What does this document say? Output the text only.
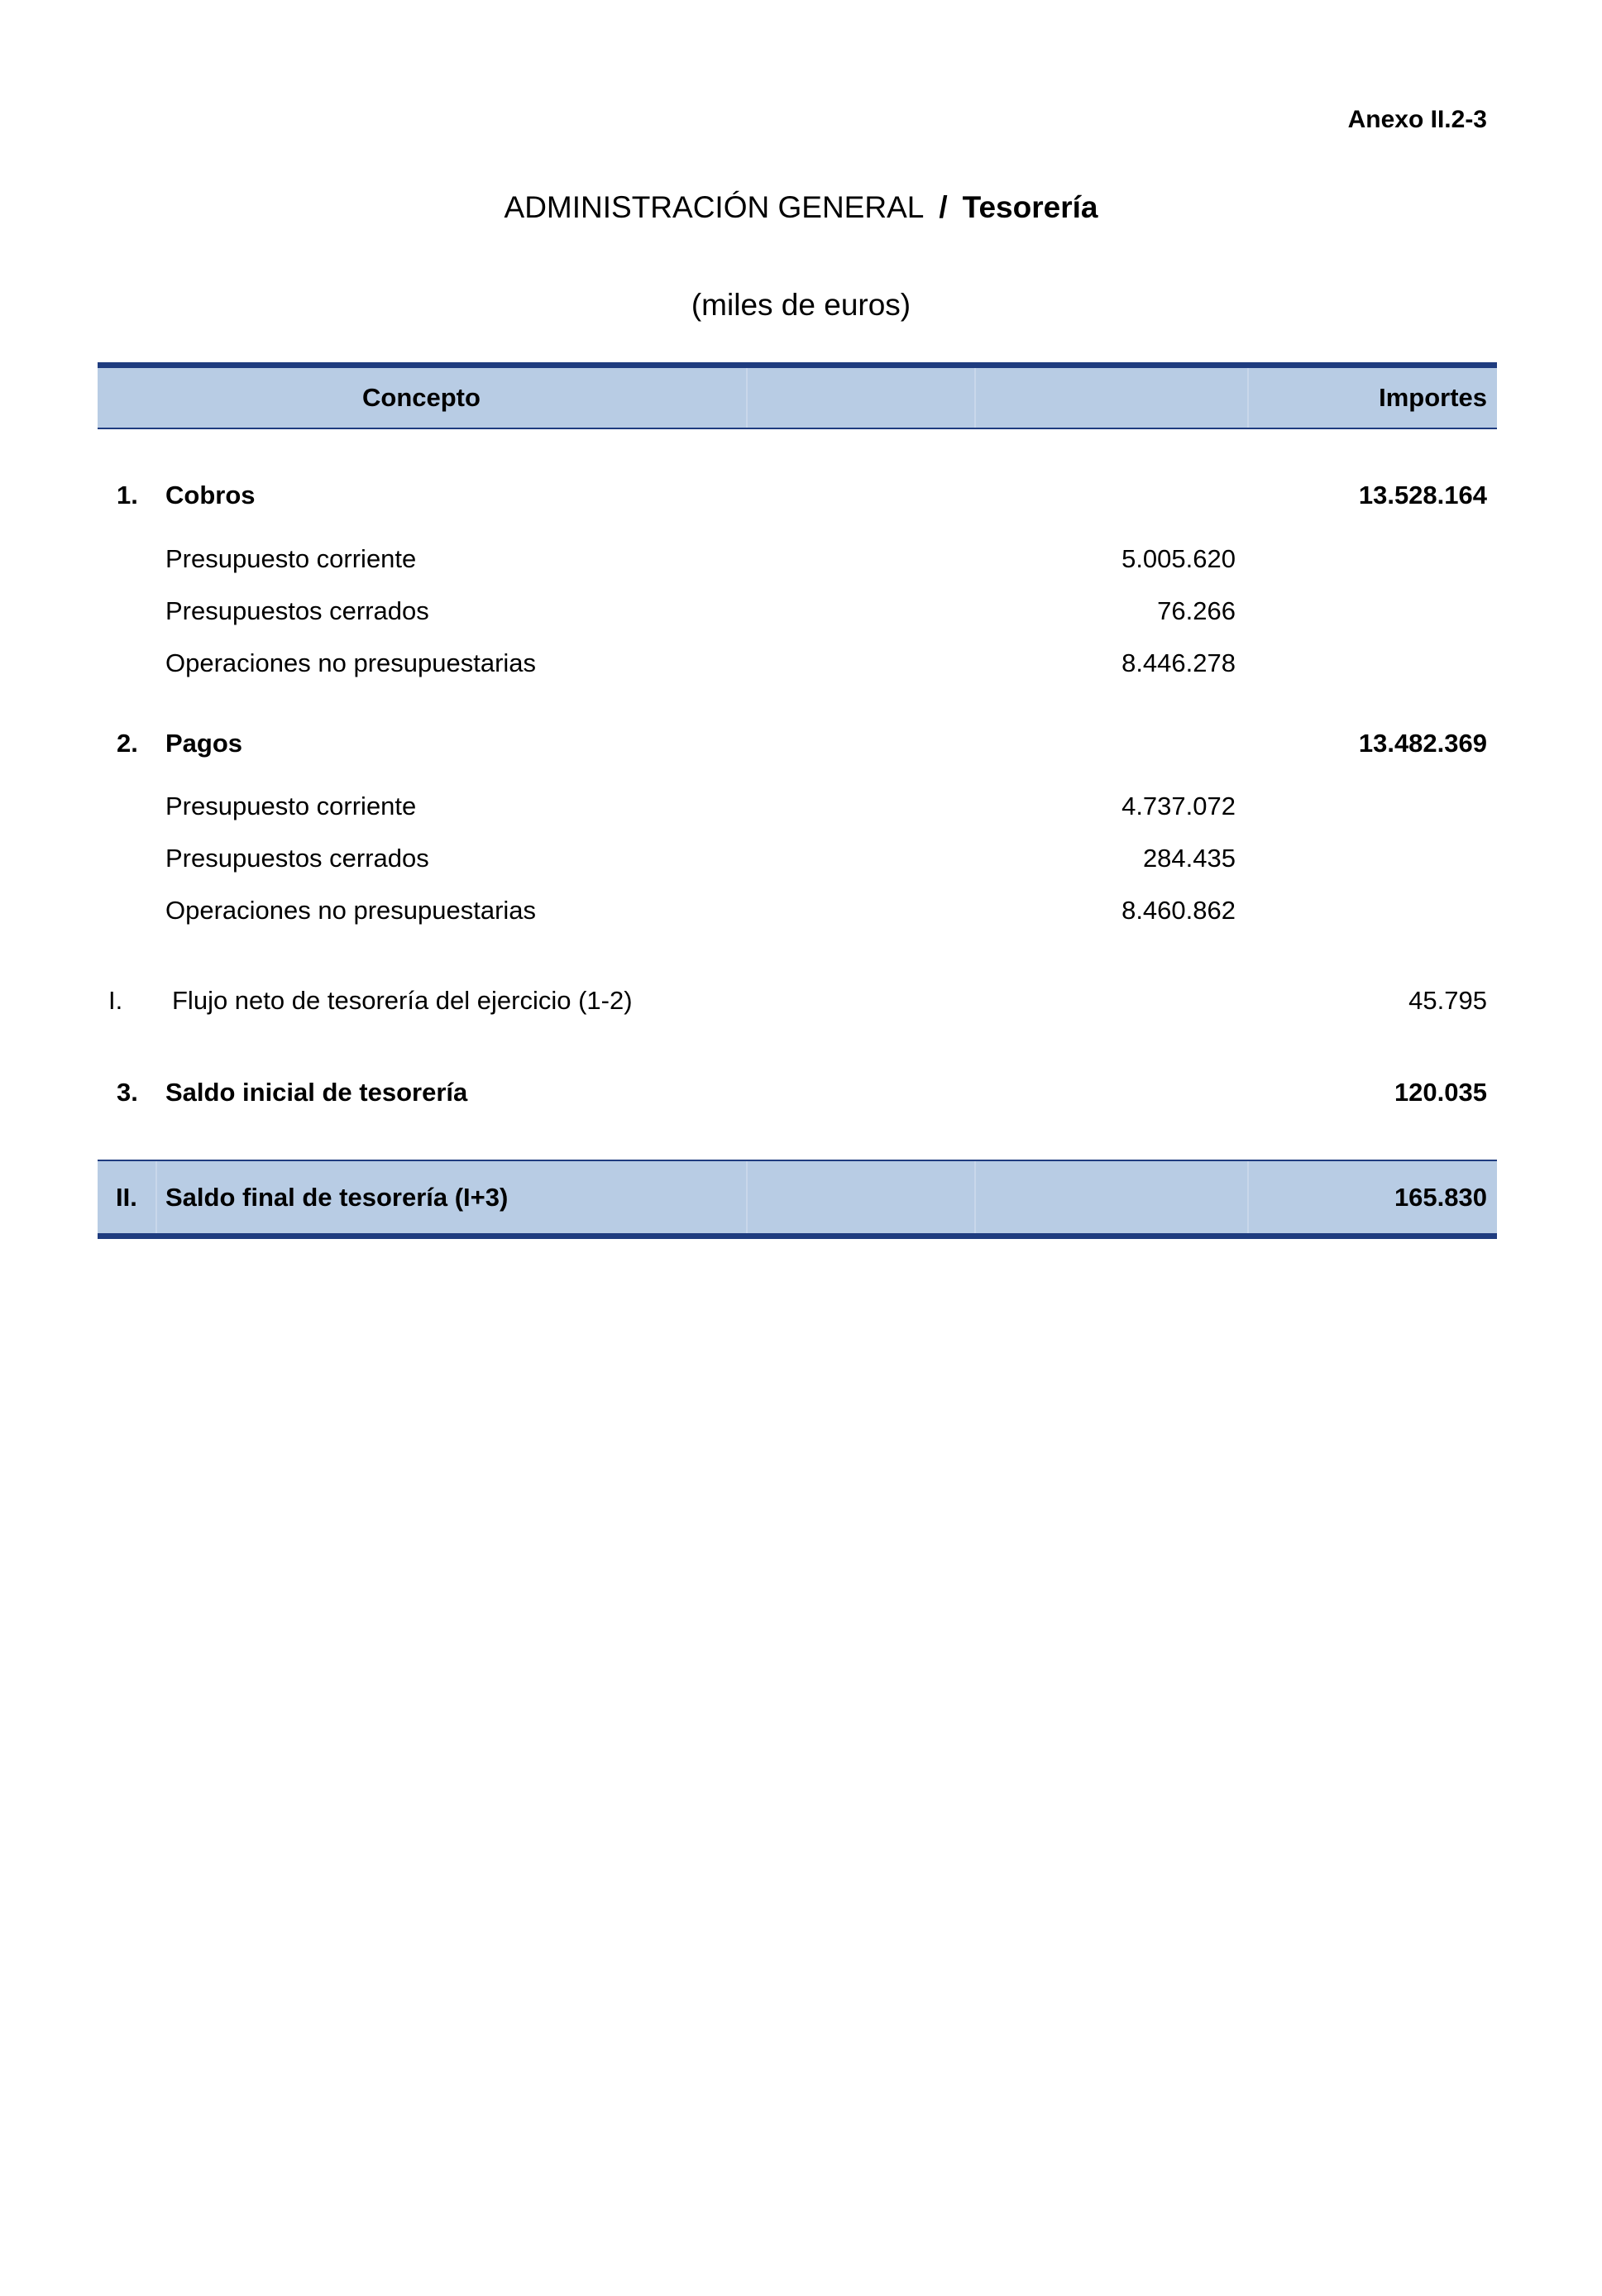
Anexo II.2-3
ADMINISTRACIÓN GENERAL / Tesorería
(miles de euros)
Concepto	Importes
1. Cobros	13.528.164
Presupuesto corriente	5.005.620
Presupuestos cerrados	76.266
Operaciones no presupuestarias	8.446.278
2. Pagos	13.482.369
Presupuesto corriente	4.737.072
Presupuestos cerrados	284.435
Operaciones no presupuestarias	8.460.862
I. Flujo neto de tesorería del ejercicio (1-2)	45.795
3. Saldo inicial de tesorería	120.035
II. Saldo final de tesorería (I+3)	165.830
